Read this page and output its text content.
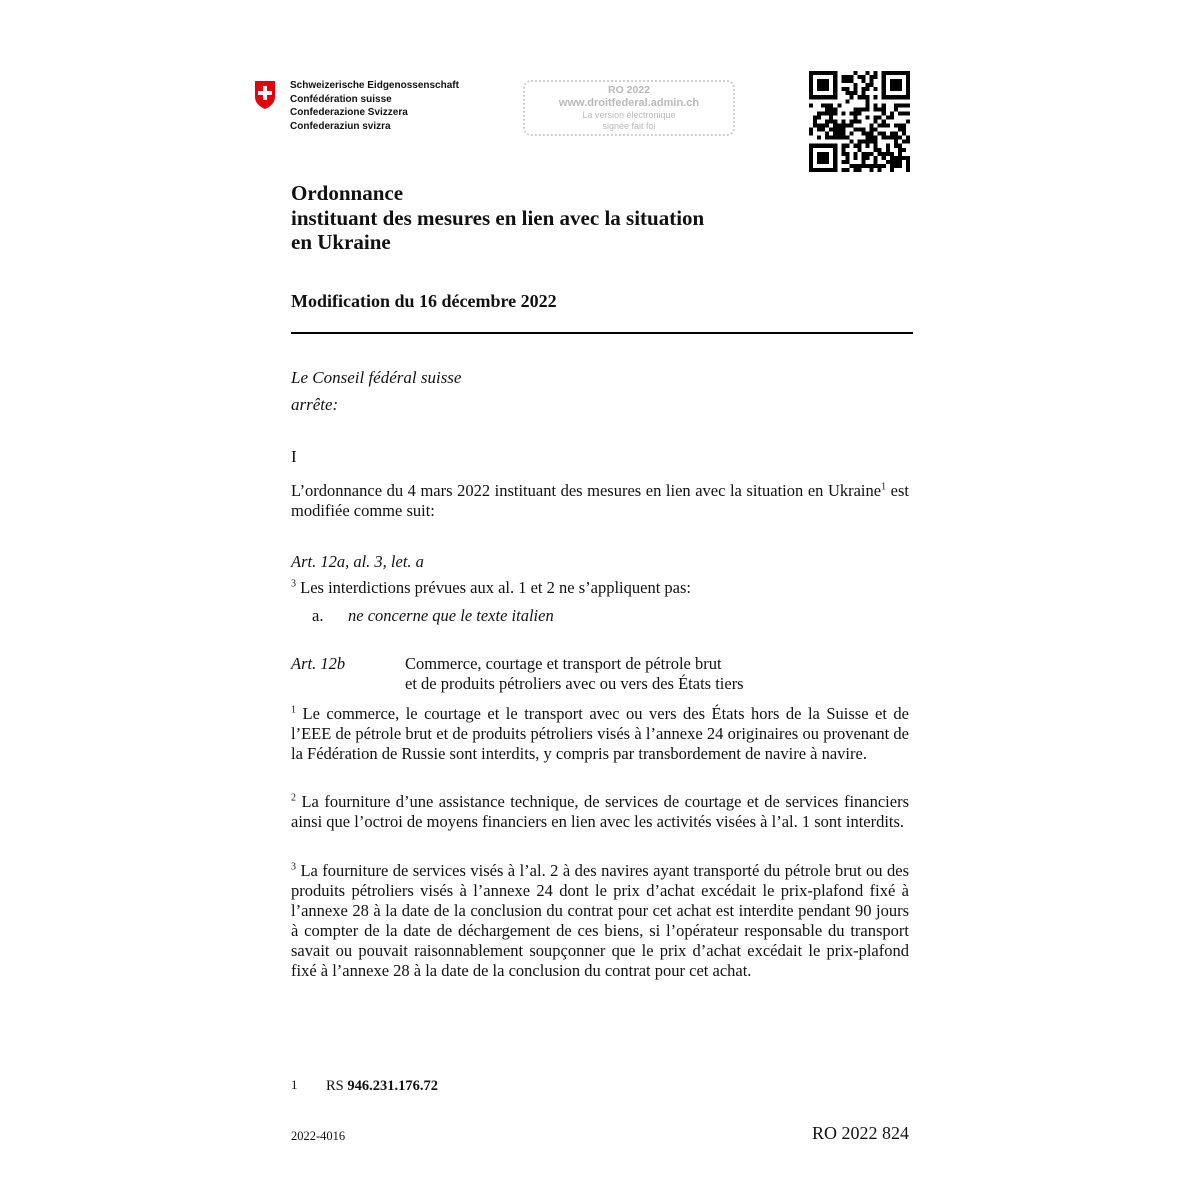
Schweizerische Eidgenossenschaft
Confédération suisse
Confederazione Svizzera
Confederaziun svizra
RO 2022
www.droitfederal.admin.ch
La version électronique
signée fait foi
Ordonnance
instituant des mesures en lien avec la situation
en Ukraine
Modification du 16 décembre 2022
Le Conseil fédéral suisse
arrête:
I
L’ordonnance du 4 mars 2022 instituant des mesures en lien avec la situation en Ukraine$^1$ est modifiée comme suit:
Art. 12a, al. 3, let. a
$^3$ Les interdictions prévues aux al. 1 et 2 ne s’appliquent pas:
a. ne concerne que le texte italien
Art. 12b	Commerce, courtage et transport de pétrole brut
et de produits pétroliers avec ou vers des États tiers
$^1$ Le commerce, le courtage et le transport avec ou vers des États hors de la Suisse et de l’EEE de pétrole brut et de produits pétroliers visés à l’annexe 24 originaires ou provenant de la Fédération de Russie sont interdits, y compris par transbordement de navire à navire.
$^2$ La fourniture d’une assistance technique, de services de courtage et de services financiers ainsi que l’octroi de moyens financiers en lien avec les activités visées à l’al. 1 sont interdits.
$^3$ La fourniture de services visés à l’al. 2 à des navires ayant transporté du pétrole brut ou des produits pétroliers visés à l’annexe 24 dont le prix d’achat excédait le prix-plafond fixé à l’annexe 28 à la date de la conclusion du contrat pour cet achat est interdite pendant 90 jours à compter de la date de déchargement de ces biens, si l’opérateur responsable du transport savait ou pouvait raisonnablement soupçonner que le prix d’achat excédait le prix-plafond fixé à l’annexe 28 à la date de la conclusion du contrat pour cet achat.
1 RS 946.231.176.72
2022-4016	RO 2022 824
